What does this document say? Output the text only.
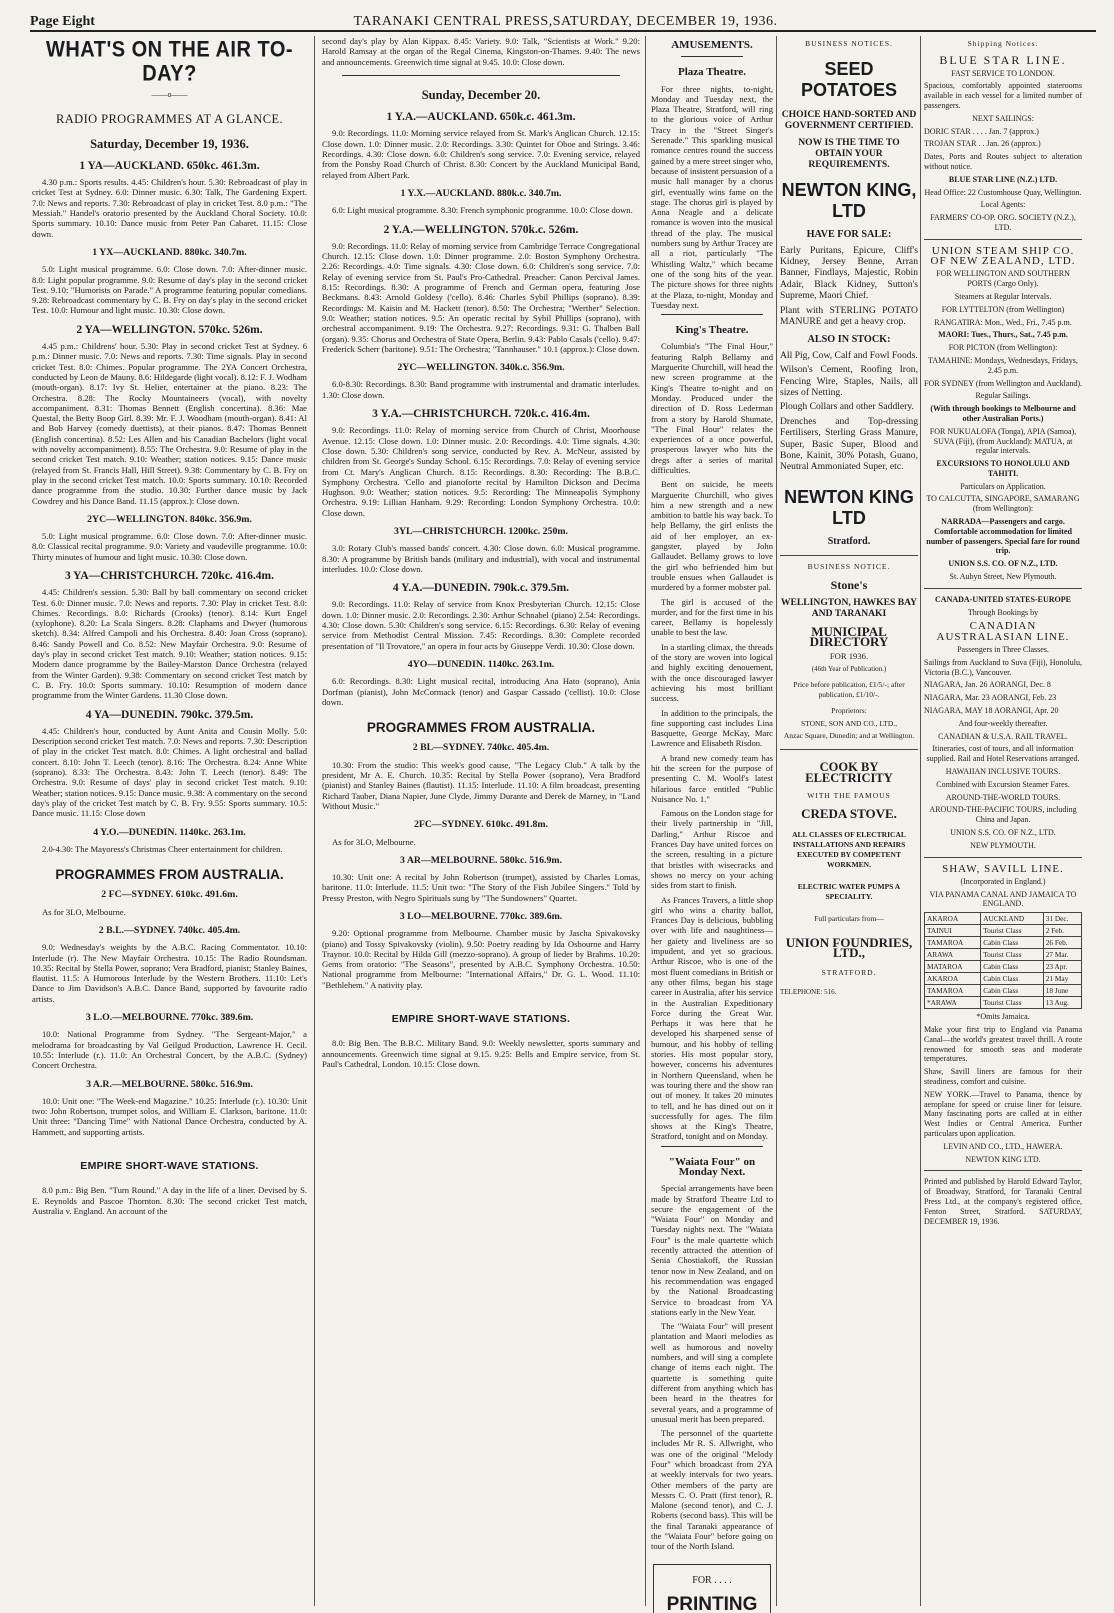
Page Eight	TARANAKI CENTRAL PRESS,SATURDAY, DECEMBER 19, 1936.
WHAT'S ON THE AIR TO-DAY?
——o——
RADIO PROGRAMMES AT A GLANCE.
Saturday, December 19, 1936.
1 YA—AUCKLAND. 650kc. 461.3m.

4.30 p.m.: Sports results. 4.45: Children's hour. 5.30: Rebroadcast of play in cricket Test at Sydney. 6.0: Dinner music. 6.30: Talk, The Gardening Expert. 7.0: News and reports. 7.30: Rebroadcast of play in cricket Test. 8.0 p.m.: "The Messiah." Handel's oratorio presented by the Auckland Choral Society. 10.0: Sports summary. 10.10: Dance music from Peter Pan Cabaret. 11.15: Close down.

1 YX—AUCKLAND. 880kc. 340.7m.

5.0: Light musical programme. 6.0: Close down. 7.0: After-dinner music. 8.0: Light popular programme. 9.0: Resume of day's play in the second cricket Test. 9.10: "Humorists on Parade." A programme featuring popular comedians. 9.28: Rebroadcast commentary by C. B. Fry on day's play in the second cricket Test. 10.0: Humour and light music. 10.30: Close down.

2 YA—WELLINGTON. 570kc. 526m.

4.45 p.m.: Childrens' hour. 5.30: Play in second cricket Test at Sydney. 6 p.m.: Dinner music. 7.0: News and reports. 7.30: Time signals. Play in second cricket Test. 8.0: Chimes. Popular programme. The 2YA Concert Orchestra, conducted by Leon de Mauny. 8.6: Hildegarde (light vocal). 8.12: F. J. Wodham (mouth-organ). 8.17: Ivy St. Helier, entertainer at the piano. 8.23: The Orchestra. 8.28: The Rocky Mountaineers (vocal), with novelty accompaniment. 8.31: Thomas Bennett (English concertina). 8.36: Mae Questal, the Betty Boop Girl. 8.39: Mr. F. J. Woodham (mouth-organ). 8.41: Al and Bob Harvey (comedy duettists), at their pianos. 8.47: Thomas Bennett (English concertina). 8.52: Les Allen and his Canadian Bachelors (light vocal with novelty accompaniment). 8.55: The Orchestra. 9.0: Resume of play in the second cricket Test match. 9.10: Weather; station notices. 9.15: Dance music (relayed from St. Francis Hall, Hill Street). 9.38: Commentary by C. B. Fry on play in the second cricket Test match. 10.0: Sports summary. 10.10: Recorded dance programme from the studio. 10.30: Further dance music by Jack Cowdrey and his Dance Band. 11.15 (approx.): Close down.

2YC—WELLINGTON. 840kc. 356.9m.

5.0: Light musical programme. 6.0: Close down. 7.0: After-dinner music. 8.0: Classical recital programme. 9.0: Variety and vaudeville programme. 10.0: Thirty minutes of humour and light music. 10.30: Close down.

3 YA—CHRISTCHURCH. 720kc. 416.4m.

4.45: Children's session. 5.30: Ball by ball commentary on second cricket Test. 6.0: Dinner music. 7.0: News and reports. 7.30: Play in cricket Test. 8.0: Chimes. Recordings. 8.0: Richards (Crooks) (tenor). 8.14: Kurt Engel (xylophone). 8.20: La Scala Singers. 8.28: Claphams and Dwyer (humorous sketch). 8.34: Alfred Campoli and his Orchestra. 8.40: Joan Cross (soprano). 8.46: Sandy Powell and Co. 8.52: New Mayfair Orchestra. 9.0: Resume of day's play in second cricket Test match. 9.10: Weather; station notices. 9.15: Modern dance programme by the Bailey-Marston Dance Orchestra (relayed from the Winter Garden). 9.38: Commentary on second cricket Test match by C. B. Fry. 10.0: Sports summary. 10.10: Resumption of modern dance programme from the Winter Gardens. 11.30 Close down.

4 YA—DUNEDIN. 790kc. 379.5m.

4.45: Children's hour, conducted by Aunt Anita and Cousin Molly. 5.0: Description second cricket Test match. 7.0: News and reports. 7.30: Description of play in the cricket Test match. 8.0: Chimes. A light orchestral and ballad concert. 8.10: John T. Leech (tenor). 8.16: The Orchestra. 8.24: Anne White (soprano). 8.33: The Orchestra. 8.43: John T. Leech (tenor). 8.49: The Orchestra. 9.0: Resume of days' play in second cricket Test match. 9.10: Weather; station notices. 9.15: Dance music. 9.38: A commentary on the second day's play of the cricket Test match by C. B. Fry. 9.55: Sports summary. 10.5: Dance music. 11.15: Close down

4 Y.O.—DUNEDIN. 1140kc. 263.1m.

2.0-4.30: The Mayoress's Christmas Cheer entertainment for children.

PROGRAMMES FROM AUSTRALIA.
2 FC—SYDNEY. 610kc. 491.6m.

As for 3LO, Melbourne.

2 B.L.—SYDNEY. 740kc. 405.4m.

9.0: Wednesday's weights by the A.B.C. Racing Commentator. 10.10: Interlude (r). The New Mayfair Orchestra. 10.15: The Radio Roundsman. 10.35: Recital by Stella Power, soprano; Vera Bradford, pianist; Stanley Baines, flautist. 11.5: A Humorous Interlude by the Western Brothers. 11.10: Let's Dance to Jim Davidson's A.B.C. Dance Band, supported by favourite radio artists.

3 L.O.—MELBOURNE. 770kc. 389.6m.

10.0: National Programme from Sydney. "The Sergeant-Major," a melodrama for broadcasting by Val Geilgud Production, Lawrence H. Cecil. 10.55: Interlude (r.). 11.0: An Orchestral Concert, by the A.B.C. (Sydney) Concert Orchestra.

3 A.R.—MELBOURNE. 580kc. 516.9m.

10.0: Unit one: "The Week-end Magazine." 10.25: Interlude (r.). 10.30: Unit two: John Robertson, trumpet solos, and William E. Clarkson, baritone. 11.0: Unit three: "Dancing Time" with National Dance Orchestra, conducted by A. Hammett, and supporting artists.

EMPIRE SHORT-WAVE STATIONS.

8.0 p.m.: Big Ben. "Turn Round." A day in the life of a liner. Devised by S. E. Reynolds and Pascoe Thornton. 8.30: The second cricket Test match, Australia v. England. An account of the

second day's play by Alan Kippax. 8.45: Variety. 9.0: Talk, "Scientists at Work." 9.20: Harold Ramsay at the organ of the Regal Cinema, Kingston-on-Thames. 9.40: The news and announcements. Greenwich time signal at 9.45. 10.0: Close down.

Sunday, December 20.
1 Y.A.—AUCKLAND. 650k.c. 461.3m.

9.0: Recordings. 11.0: Morning service relayed from St. Mark's Anglican Church. 12.15: Close down. 1.0: Dinner music. 2.0: Recordings. 3.30: Quintet for Oboe and Strings. 3.46: Recordings. 4.30: Close down. 6.0: Children's song service. 7.0: Evening service, relayed from the Ponsby Road Church of Christ. 8.30: Concert by the Auckland Municipal Band, relayed from Albert Park.

1 Y.X.—AUCKLAND. 880k.c. 340.7m.

6.0: Light musical programme. 8.30: French symphonic programme. 10.0: Close down.

2 Y.A.—WELLINGTON. 570k.c. 526m.

9.0: Recordings. 11.0: Relay of morning service from Cambridge Terrace Congregational Church. 12.15: Close down. 1.0: Dinner programme. 2.0: Boston Symphony Orchestra. 2.26: Recordings. 4.0: Time signals. 4.30: Close down. 6.0: Children's song service. 7.0: Relay of evening service from St. Paul's Pro-Cathedral. Preacher: Canon Percival James. 8.15: Recordings. 8.30: A programme of French and German opera, featuring Jose Beckmans. 8.43: Arnold Goldesy ('cello). 8.46: Charles Sybil Phillips (soprano). 8.39: Recordings: M. Kaisin and M. Hackett (tenor). 8.50: The Orchestra; "Werther" Selection. 9.0: Weather; station notices. 9.5: An operatic recital by Sybil Phillips (soprano), with orchestral accompaniment. 9.19: The Orchestra. 9.27: Recordings. 9.31: G. Thalben Ball (organ). 9.35: Chorus and Orchestra of State Opera, Berlin. 9.43: Pablo Casals ('cello). 9.47: Frederick Scherr (baritone). 9.51: The Orchestra; "Tannhauser." 10.1 (approx.): Close down.

2YC—WELLINGTON. 340k.c. 356.9m.

6.0-8.30: Recordings. 8.30: Band programme with instrumental and dramatic interludes. 1.30: Close down.

3 Y.A.—CHRISTCHURCH. 720k.c. 416.4m.

9.0: Recordings. 11.0: Relay of morning service from Church of Christ, Moorhouse Avenue. 12.15: Close down. 1.0: Dinner music. 2.0: Recordings. 4.0: Time signals. 4.30: Close down. 5.30: Children's song service, conducted by Rev. A. McNeur, assisted by children from St. George's Sunday School. 6.15: Recordings. 7.0: Relay of evening service from Ct. Mary's Anglican Church. 8.15: Recordings. 8.30: Recording: The B.B.C. Symphony Orchestra. 'Cello and pianoforte recital by Hamilton Dickson and Decima Hughson. 9.0: Weather; station notices. 9.5: Recording: The Minneapolis Symphony Orchestra. 9.19: Lillian Hanham. 9.29: Recording: London Symphony Orchestra. 10.0: Close down.

3YL—CHRISTCHURCH. 1200kc. 250m.

3.0: Rotary Club's massed bands' concert. 4.30: Close down. 6.0: Musical programme. 8.30: A programme by British bands (military and industrial), with vocal and instrumental interludes. 10.0: Close down.

4 Y.A.—DUNEDIN. 790k.c. 379.5m.

9.0: Recordings. 11.0: Relay of service from Knox Presbyterian Church. 12.15: Close down. 1.0: Dinner music. 2.0: Recordings. 2.30: Arthur Schnabel (piano) 2.54: Recordings. 4.30: Close down. 5.30: Children's song service. 6.15: Recordings. 6.30: Relay of evening service from Methodist Central Mission. 7.45: Recordings. 8.30: Complete recorded presentation of "Il Trovatore," an opera in four acts by Giuseppe Verdi. 10.30: Close down.

4YO—DUNEDIN. 1140kc. 263.1m.

6.0: Recordings. 8.30: Light musical recital, introducing Ana Hato (soprano), Ania Dorfman (pianist), John McCormack (tenor) and Gaspar Cassado ('cellist). 10.0: Close down.

PROGRAMMES FROM AUSTRALIA.
2 BL—SYDNEY. 740kc. 405.4m.

10.30: From the studio: This week's good cause, "The Legacy Club." A talk by the president, Mr A. E. Church. 10.35: Recital by Stella Power (soprano), Vera Bradford (pianist) and Stanley Baines (flautist). 11.15: Interlude. 11.10: A film broadcast, presenting Richard Tauber, Diana Napier, June Clyde, Jimmy Durante and Derek de Marney, in "Land Without Music."

2FC—SYDNEY. 610kc. 491.8m.

As for 3LO, Melbourne.

3 AR—MELBOURNE. 580kc. 516.9m.

10.30: Unit one: A recital by John Robertson (trumpet), assisted by Charles Lomas, baritone. 11.0: Interlude. 11.5: Unit two: "The Story of the Fish Jubilee Singers." Told by Pressy Preston, with Negro Spirituals sung by "The Sundowners" Quartet.

3 LO—MELBOURNE. 770kc. 389.6m.

9.20: Optional programme from Melbourne. Chamber music by Jascha Spivakovsky (piano) and Tossy Spivakovsky (violin). 9.50: Poetry reading by Ida Osbourne and Harry Traynor. 10.0: Recital by Hilda Gill (mezzo-soprano). A group of lieder by Brahms. 10.20: Gems from oratorio: "The Seasons", presented by A.B.C. Symphony Orchestra. 10.50: National programme from Melbourne: "International Affairs," Dr. G. L. Wood. 11.10: "Bethlehem." A nativity play.

EMPIRE SHORT-WAVE STATIONS.

8.0: Big Ben. The B.B.C. Military Band. 9.0: Weekly newsletter, sports summary and announcements. Greenwich time signal at 9.15. 9.25: Bells and Empire service, from St. Paul's Cathedral, London. 10.15: Close down.

AMUSEMENTS.
Plaza Theatre.

For three nights, to-night, Monday and Tuesday next, the Plaza Theatre, Stratford, will ring to the glorious voice of Arthur Tracy in the "Street Singer's Serenade." This sparkling musical romance centres round the success gained by a mere street singer who, because of insistent persuasion of a music hall manager by a chorus girl, eventually wins fame on the stage. The chorus girl is played by Anna Neagle and a delicate romance is woven into the musical thread of the play. The musical numbers sung by Arthur Tracey are all a riot, particularly "The Whistling Waltz," which became one of the song hits of the year. The picture shows for three nights at the Plaza, to-night, Monday and Tuesday next.

King's Theatre.

Columbia's "The Final Hour," featuring Ralph Bellamy and Marguerite Churchill, will head the new screen programme at the King's Theatre to-night and on Monday. Produced under the direction of D. Ross Lederman from a story by Harold Shumate, "The Final Hour" relates the experiences of a once powerful, prosperous lawyer who hits the dregs after a series of marital difficulties.

Bent on suicide, he meets Marguerite Churchill, who gives him a new strength and a new ambition to battle his way back. To help Bellamy, the girl enlists the aid of her employer, an ex-gangster, played by John Gallaudet. Bellamy grows to love the girl who befriended him but trouble ensues when Gallaudet is murdered by a former mobster pal.

The girl is accused of the murder, and for the first time in his career, Bellamy is hopelessly unable to best the law.

In a startling climax, the threads of the story are woven into logical and highly exciting denouement, with the once discouraged lawyer achieving his most brilliant success.

In addition to the principals, the fine supporting cast includes Lina Basquette, George McKay, Marc Lawrence and Elisabeth Risdon.

A brand new comedy team has hit the screen for the purpose of presenting C. M. Woolf's latest hilarious farce entitled "Public Nuisance No. 1."

Famous on the London stage for their lively partnership in "Jill, Darling," Arthur Riscoe and Frances Day have united forces on the screen, resulting in a picture that bristles with wisecracks and shows no mercy on your aching sides from start to finish.

As Frances Travers, a little shop girl who wins a charity ballot, Frances Day is delicious, bubbling over with life and naughtiness—her gaiety and liveliness are so impudent, and yet so gracious. Arthur Riscoe, who is one of the most fluent comedians in British or any other films, began his stage career in Australia, after his service in the Australian Expeditionary Force during the Great War. Perhaps it was here that he developed his sharpened sense of humour, and his hobby of telling stories. His most popular story, however, concerns his adventures in Northern Queensland, when he was touring there and the show ran out of money. It takes 20 minutes to tell, and he has dined out on it successfully for ages. The film shows at the King's Theatre, Stratford, tonight and on Monday.

"Waiata Four" on Monday Next.

Special arrangements have been made by Stratford Theatre Ltd to secure the engagement of the "Waiata Four" on Monday and Tuesday nights next. The "Waiata Four" is the male quartette which recently attracted the attention of Senia Chostiakoff, the Russian tenor now in New Zealand, and on his recommendation was engaged by the National Broadcasting Service to broadcast from YA stations early in the New Year.

The "Waiata Four" will present plantation and Maori melodies as well as humorous and novelty numbers, and will sing a complete change of items each night. The quartette is something quite different from anything which has been heard in the theatres for several years, and a programme of unusual merit has been prepared.

The personnel of the quartette includes Mr R. S. Allwright, who was one of the original "Melody Four" which broadcast from 2YA at weekly intervals for two years. Other members of the party are Messrs C. O. Pratt (first tenor), R. Malone (second tenor), and C. J. Roberts (second bass). This will be the final Taranaki appearance of the "Waiata Four" before going on tour of the North Island.

FOR . . . .
PRINTING
BUSINESS NOTICES.
SEED POTATOES
CHOICE HAND-SORTED AND GOVERNMENT CERTIFIED.
NOW IS THE TIME TO OBTAIN YOUR REQUIREMENTS.
NEWTON KING, LTD
HAVE FOR SALE:
Early Puritans, Epicure, Cliff's Kidney, Jersey Benne, Arran Banner, Findlays, Majestic, Robin Adair, Black Kidney, Sutton's Supreme, Maori Chief.
Plant with STERLING POTATO MANURE and get a heavy crop.
ALSO IN STOCK:
All Pig, Cow, Calf and Fowl Foods.
Wilson's Cement, Roofing Iron, Fencing Wire, Staples, Nails, all sizes of Netting.
Plough Collars and other Saddlery.
Drenches and Top-dressing Fertilisers, Sterling Grass Manure, Super, Basic Super, Blood and Bone, Kainit, 30% Potash, Guano, Neutral Ammoniated Super, etc.
NEWTON KING LTD
Stratford.
BUSINESS NOTICE.
Stone's
WELLINGTON, HAWKES BAY AND TARANAKI
MUNICIPAL DIRECTORY
FOR 1936.
(46th Year of Publication.)
Price before publication, £1/5/-; after publication, £1/10/-.
Proprietors:
STONE, SON AND CO., LTD.,
Anzac Square, Dunedin; and at Wellington.
COOK BY ELECTRICITY
WITH THE FAMOUS
CREDA STOVE.
ALL CLASSES OF ELECTRICAL INSTALLATIONS AND REPAIRS EXECUTED BY COMPETENT WORKMEN.
ELECTRIC WATER PUMPS A SPECIALITY.
Full particulars from—
UNION FOUNDRIES, LTD.,
STRATFORD.
TELEPHONE: 516.
Shipping Notices.
BLUE STAR LINE.
FAST SERVICE TO LONDON.
Spacious, comfortably appointed staterooms available in each vessel for a limited number of passengers.
NEXT SAILINGS:
DORIC STAR . . . . Jan. 7 (approx.)
TROJAN STAR . . Jan. 26 (approx.)
Dates, Ports and Routes subject to alteration without notice.
BLUE STAR LINE (N.Z.) LTD.
Head Office: 22 Customhouse Quay, Wellington.
Local Agents:
FARMERS' CO-OP. ORG. SOCIETY (N.Z.), LTD.
UNION STEAM SHIP CO. OF NEW ZEALAND, LTD.
FOR WELLINGTON AND SOUTHERN PORTS (Cargo Only).
Steamers at Regular Intervals.
FOR LYTTELTON (from Wellington)
RANGATIRA: Mon., Wed., Fri., 7.45 p.m.
MAORI: Tues., Thurs., Sat., 7.45 p.m.
FOR PICTON (from Wellington):
TAMAHINE: Mondays, Wednesdays, Fridays, 2.45 p.m.
FOR SYDNEY (from Wellington and Auckland).
Regular Sailings.
(With through bookings to Melbourne and other Australian Ports.)
FOR NUKUALOFA (Tonga), APIA (Samoa), SUVA (Fiji), (from Auckland): MATUA, at regular intervals.
EXCURSIONS TO HONOLULU AND TAHITI.
Particulars on Application.
TO CALCUTTA, SINGAPORE, SAMARANG (from Wellington):
NARRADA—Passengers and cargo. Comfortable accommodation for limited number of passengers. Special fare for round trip.
UNION S.S. CO. OF N.Z., LTD.
St. Aubyn Street, New Plymouth.
CANADA-UNITED STATES-EUROPE
Through Bookings by
CANADIAN AUSTRALASIAN LINE.
Passengers in Three Classes.
Sailings from Auckland to Suva (Fiji), Honolulu, Victoria (B.C.), Vancouver.
NIAGARA, Jan. 26 AORANGI, Dec. 8
NIAGARA, Mar. 23 AORANGI, Feb. 23
NIAGARA, MAY 18 AORANGI, Apr. 20
And four-weekly thereafter.
CANADIAN & U.S.A. RAIL TRAVEL.
Itineraries, cost of tours, and all information supplied. Rail and Hotel Reservations arranged.
HAWAIIAN INCLUSIVE TOURS.
Combined with Excursion Steamer Fares.
AROUND-THE-WORLD TOURS.
AROUND-THE-PACIFIC TOURS, including China and Japan.
UNION S.S. CO. OF N.Z., LTD.
NEW PLYMOUTH.
SHAW, SAVILL LINE.
(Incorporated in England.)
VIA PANAMA CANAL AND JAMAICA TO ENGLAND.
AKAROA	AUCKLAND	31 Dec.
TAINUI	Tourist Class	2 Feb.
TAMAROA	Cabin Class	26 Feb.
ARAWA	Tourist Class	27 Mar.
MATAROA	Cabin Class	23 Apr.
AKAROA	Cabin Class	21 May
TAMAROA	Cabin Class	18 June
*ARAWA	Tourist Class	13 Aug.
*Omits Jamaica.
Make your first trip to England via Panama Canal—the world's greatest travel thrill. A route renowned for smooth seas and moderate temperatures.
Shaw, Savill liners are famous for their steadiness, comfort and cuisine.
NEW YORK.—Travel to Panama, thence by aeroplane for speed or cruise liner for leisure. Many fascinating ports are called at in either West Indies or Central America. Further particulars upon application.
LEVIN AND CO., LTD., HAWERA.
NEWTON KING LTD.
Printed and published by Harold Edward Taylor, of Broadway, Stratford, for Taranaki Central Press Ltd., at the company's registered office, Fenton Street, Stratford. SATURDAY, DECEMBER 19, 1936.
